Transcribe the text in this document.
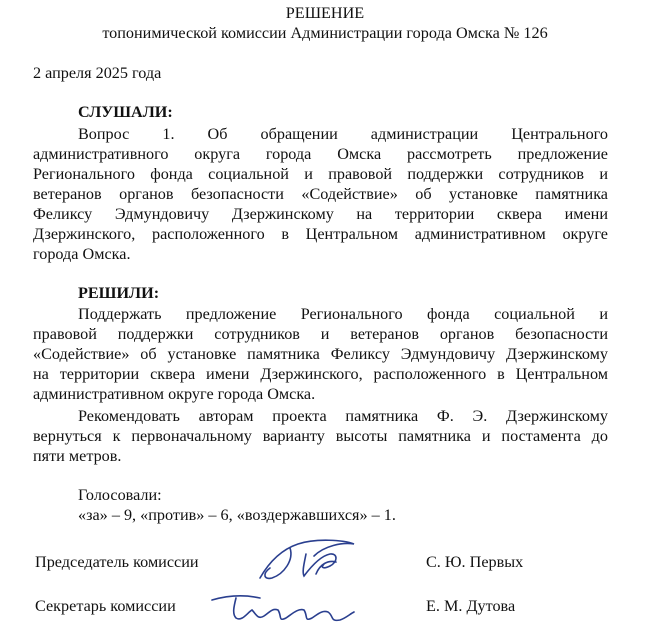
РЕШЕНИЕ
топонимической комиссии Администрации города Омска № 126
2 апреля 2025 года
СЛУШАЛИ:
Вопрос 1. Об обращении администрации Центрального
административного округа города Омска рассмотреть предложение
Регионального фонда социальной и правовой поддержки сотрудников и
ветеранов органов безопасности «Содействие» об установке памятника
Феликсу Эдмундовичу Дзержинскому на территории сквера имени
Дзержинского, расположенного в Центральном административном округе
города Омска.
РЕШИЛИ:
Поддержать предложение Регионального фонда социальной и
правовой поддержки сотрудников и ветеранов органов безопасности
«Содействие» об установке памятника Феликсу Эдмундовичу Дзержинскому
на территории сквера имени Дзержинского, расположенного в Центральном
административном округе города Омска.
Рекомендовать авторам проекта памятника Ф. Э. Дзержинскому
вернуться к первоначальному варианту высоты памятника и постамента до
пяти метров.
Голосовали:
«за» – 9, «против» – 6, «воздержавшихся» – 1.
Председатель комиссии	С. Ю. Первых
Секретарь комиссии	Е. М. Дутова
